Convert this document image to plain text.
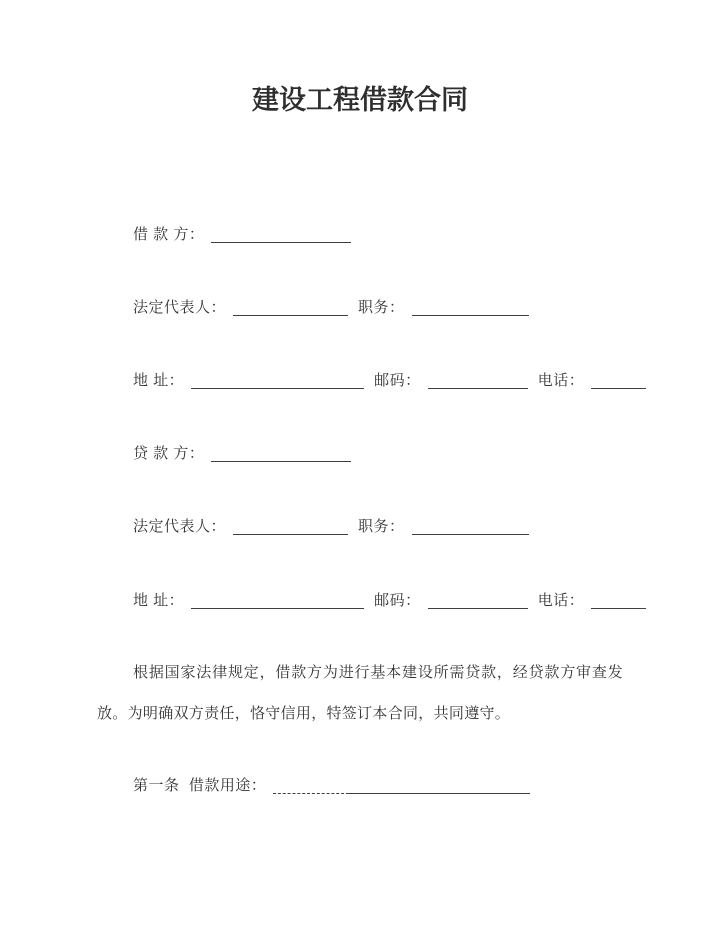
建设工程借款合同
借 款 方：
法定代表人：	职务：
地 址：	邮码：	电话：
贷 款 方：
法定代表人：	职务：
地 址：	邮码：	电话：

根据国家法律规定，借款方为进行基本建设所需贷款，经贷款方审查发放。为明确双方责任，恪守信用，特签订本合同，共同遵守。

第一条 借款用途：
